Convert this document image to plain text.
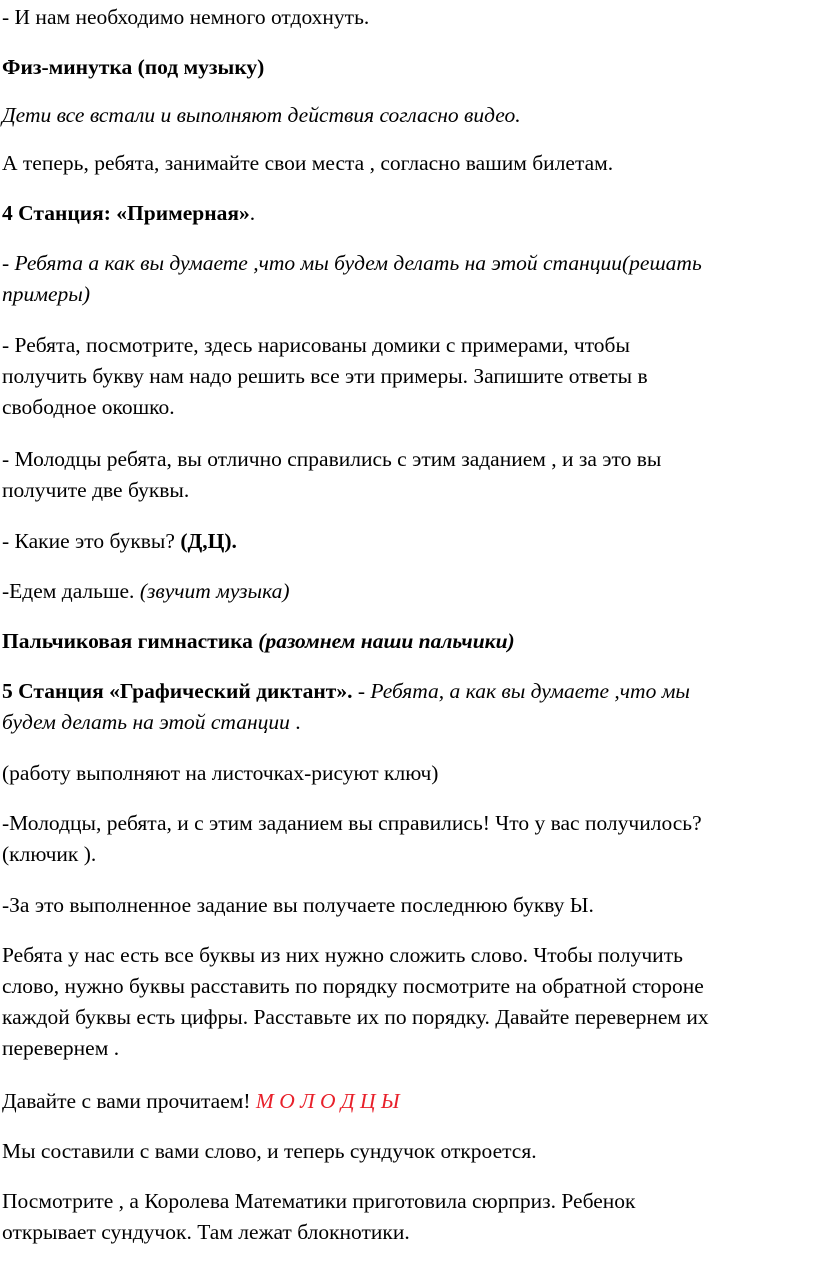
- И нам необходимо немного отдохнуть.

Физ-минутка (под музыку)

Дети все встали и выполняют действия согласно видео.

А теперь, ребята, занимайте свои места , согласно вашим билетам.

4 Станция: «Примерная».

- Ребята а как вы думаете ,что мы будем делать на этой станции(решать
примеры)

- Ребята, посмотрите, здесь нарисованы домики с примерами, чтобы
получить букву нам надо решить все эти примеры. Запишите ответы в
свободное окошко.

- Молодцы ребята, вы отлично справились с этим заданием , и за это вы
получите две буквы.

- Какие это буквы? (Д,Ц).

-Едем дальше. (звучит музыка)

Пальчиковая гимнастика (разомнем наши пальчики)

5 Станция «Графический диктант». - Ребята, а как вы думаете ,что мы
будем делать на этой станции .

(работу выполняют на листочках-рисуют ключ)

-Молодцы, ребята, и с этим заданием вы справились! Что у вас получилось?
(ключик ).

-За это выполненное задание вы получаете последнюю букву Ы.

Ребята у нас есть все буквы из них нужно сложить слово. Чтобы получить
слово, нужно буквы расставить по порядку посмотрите на обратной стороне
каждой буквы есть цифры. Расставьте их по порядку. Давайте перевернем их
перевернем .

Давайте с вами прочитаем! М О Л О Д Ц Ы

Мы составили с вами слово, и теперь сундучок откроется.

Посмотрите , а Королева Математики приготовила сюрприз. Ребенок
открывает сундучок. Там лежат блокнотики.
